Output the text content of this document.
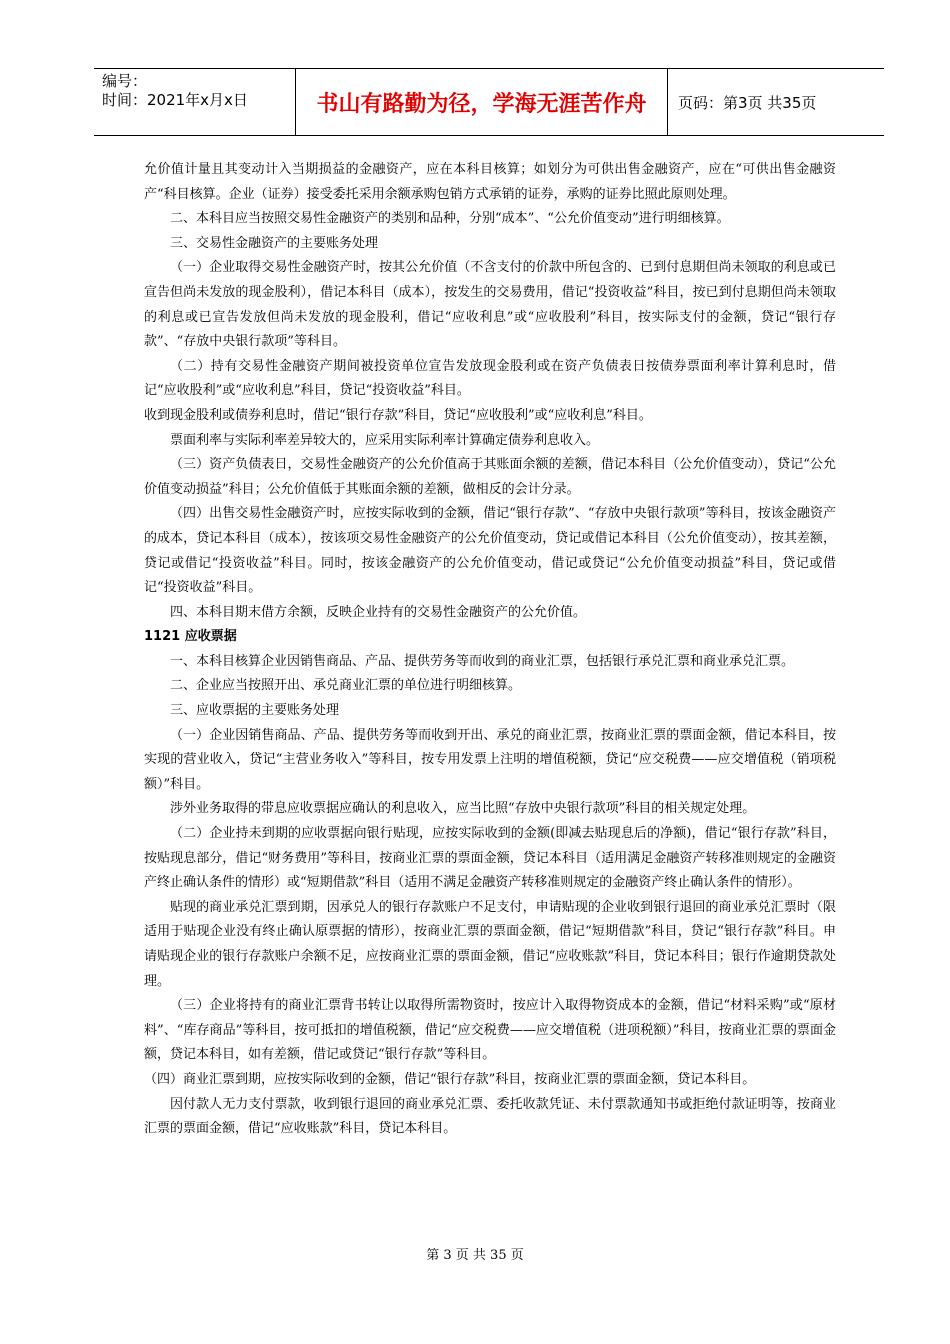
编号：
时间：2021年x月x日	书山有路勤为径，学海无涯苦作舟	页码：第3页 共35页

允价值计量且其变动计入当期损益的金融资产，应在本科目核算；如划分为可供出售金融资产，应在“可供出售金融资产“科目核算。企业（证券）接受委托采用余额承购包销方式承销的证券，承购的证券比照此原则处理。

二、本科目应当按照交易性金融资产的类别和品种，分别“成本”、“公允价值变动”进行明细核算。

三、交易性金融资产的主要账务处理

（一）企业取得交易性金融资产时，按其公允价值（不含支付的价款中所包含的、已到付息期但尚未领取的利息或已宣告但尚未发放的现金股利），借记本科目（成本），按发生的交易费用，借记“投资收益”科目，按已到付息期但尚未领取的利息或已宣告发放但尚未发放的现金股利，借记“应收利息”或“应收股利”科目，按实际支付的金额，贷记“银行存款”、“存放中央银行款项”等科目。

（二）持有交易性金融资产期间被投资单位宣告发放现金股利或在资产负债表日按债券票面利率计算利息时，借记“应收股利”或“应收利息”科目，贷记“投资收益”科目。

收到现金股利或债券利息时，借记“银行存款”科目，贷记“应收股利”或“应收利息”科目。

票面利率与实际利率差异较大的，应采用实际利率计算确定债券利息收入。

（三）资产负债表日，交易性金融资产的公允价值高于其账面余额的差额，借记本科目（公允价值变动），贷记“公允价值变动损益”科目；公允价值低于其账面余额的差额，做相反的会计分录。

（四）出售交易性金融资产时，应按实际收到的金额，借记“银行存款”、“存放中央银行款项”等科目，按该金融资产的成本，贷记本科目（成本），按该项交易性金融资产的公允价值变动，贷记或借记本科目（公允价值变动），按其差额，贷记或借记“投资收益”科目。同时，按该金融资产的公允价值变动，借记或贷记“公允价值变动损益”科目，贷记或借记“投资收益”科目。

四、本科目期末借方余额，反映企业持有的交易性金融资产的公允价值。

1121 应收票据

一、本科目核算企业因销售商品、产品、提供劳务等而收到的商业汇票，包括银行承兑汇票和商业承兑汇票。

二、企业应当按照开出、承兑商业汇票的单位进行明细核算。

三、应收票据的主要账务处理

（一）企业因销售商品、产品、提供劳务等而收到开出、承兑的商业汇票，按商业汇票的票面金额，借记本科目，按实现的营业收入，贷记“主营业务收入”等科目，按专用发票上注明的增值税额，贷记“应交税费——应交增值税（销项税额）”科目。

涉外业务取得的带息应收票据应确认的利息收入，应当比照“存放中央银行款项”科目的相关规定处理。

（二）企业持未到期的应收票据向银行贴现，应按实际收到的金额(即减去贴现息后的净额)，借记“银行存款”科目，按贴现息部分，借记“财务费用”等科目，按商业汇票的票面金额，贷记本科目（适用满足金融资产转移准则规定的金融资产终止确认条件的情形）或“短期借款”科目（适用不满足金融资产转移准则规定的金融资产终止确认条件的情形）。

贴现的商业承兑汇票到期，因承兑人的银行存款账户不足支付，申请贴现的企业收到银行退回的商业承兑汇票时（限适用于贴现企业没有终止确认原票据的情形），按商业汇票的票面金额，借记“短期借款”科目，贷记“银行存款”科目。申请贴现企业的银行存款账户余额不足，应按商业汇票的票面金额，借记“应收账款”科目，贷记本科目；银行作逾期贷款处理。

（三）企业将持有的商业汇票背书转让以取得所需物资时，按应计入取得物资成本的金额，借记“材料采购”或“原材料”、“库存商品”等科目，按可抵扣的增值税额，借记“应交税费——应交增值税（进项税额）”科目，按商业汇票的票面金额，贷记本科目，如有差额，借记或贷记“银行存款”等科目。

（四）商业汇票到期，应按实际收到的金额，借记“银行存款”科目，按商业汇票的票面金额，贷记本科目。

因付款人无力支付票款，收到银行退回的商业承兑汇票、委托收款凭证、未付票款通知书或拒绝付款证明等，按商业汇票的票面金额，借记“应收账款”科目，贷记本科目。

第 3 页 共 35 页
